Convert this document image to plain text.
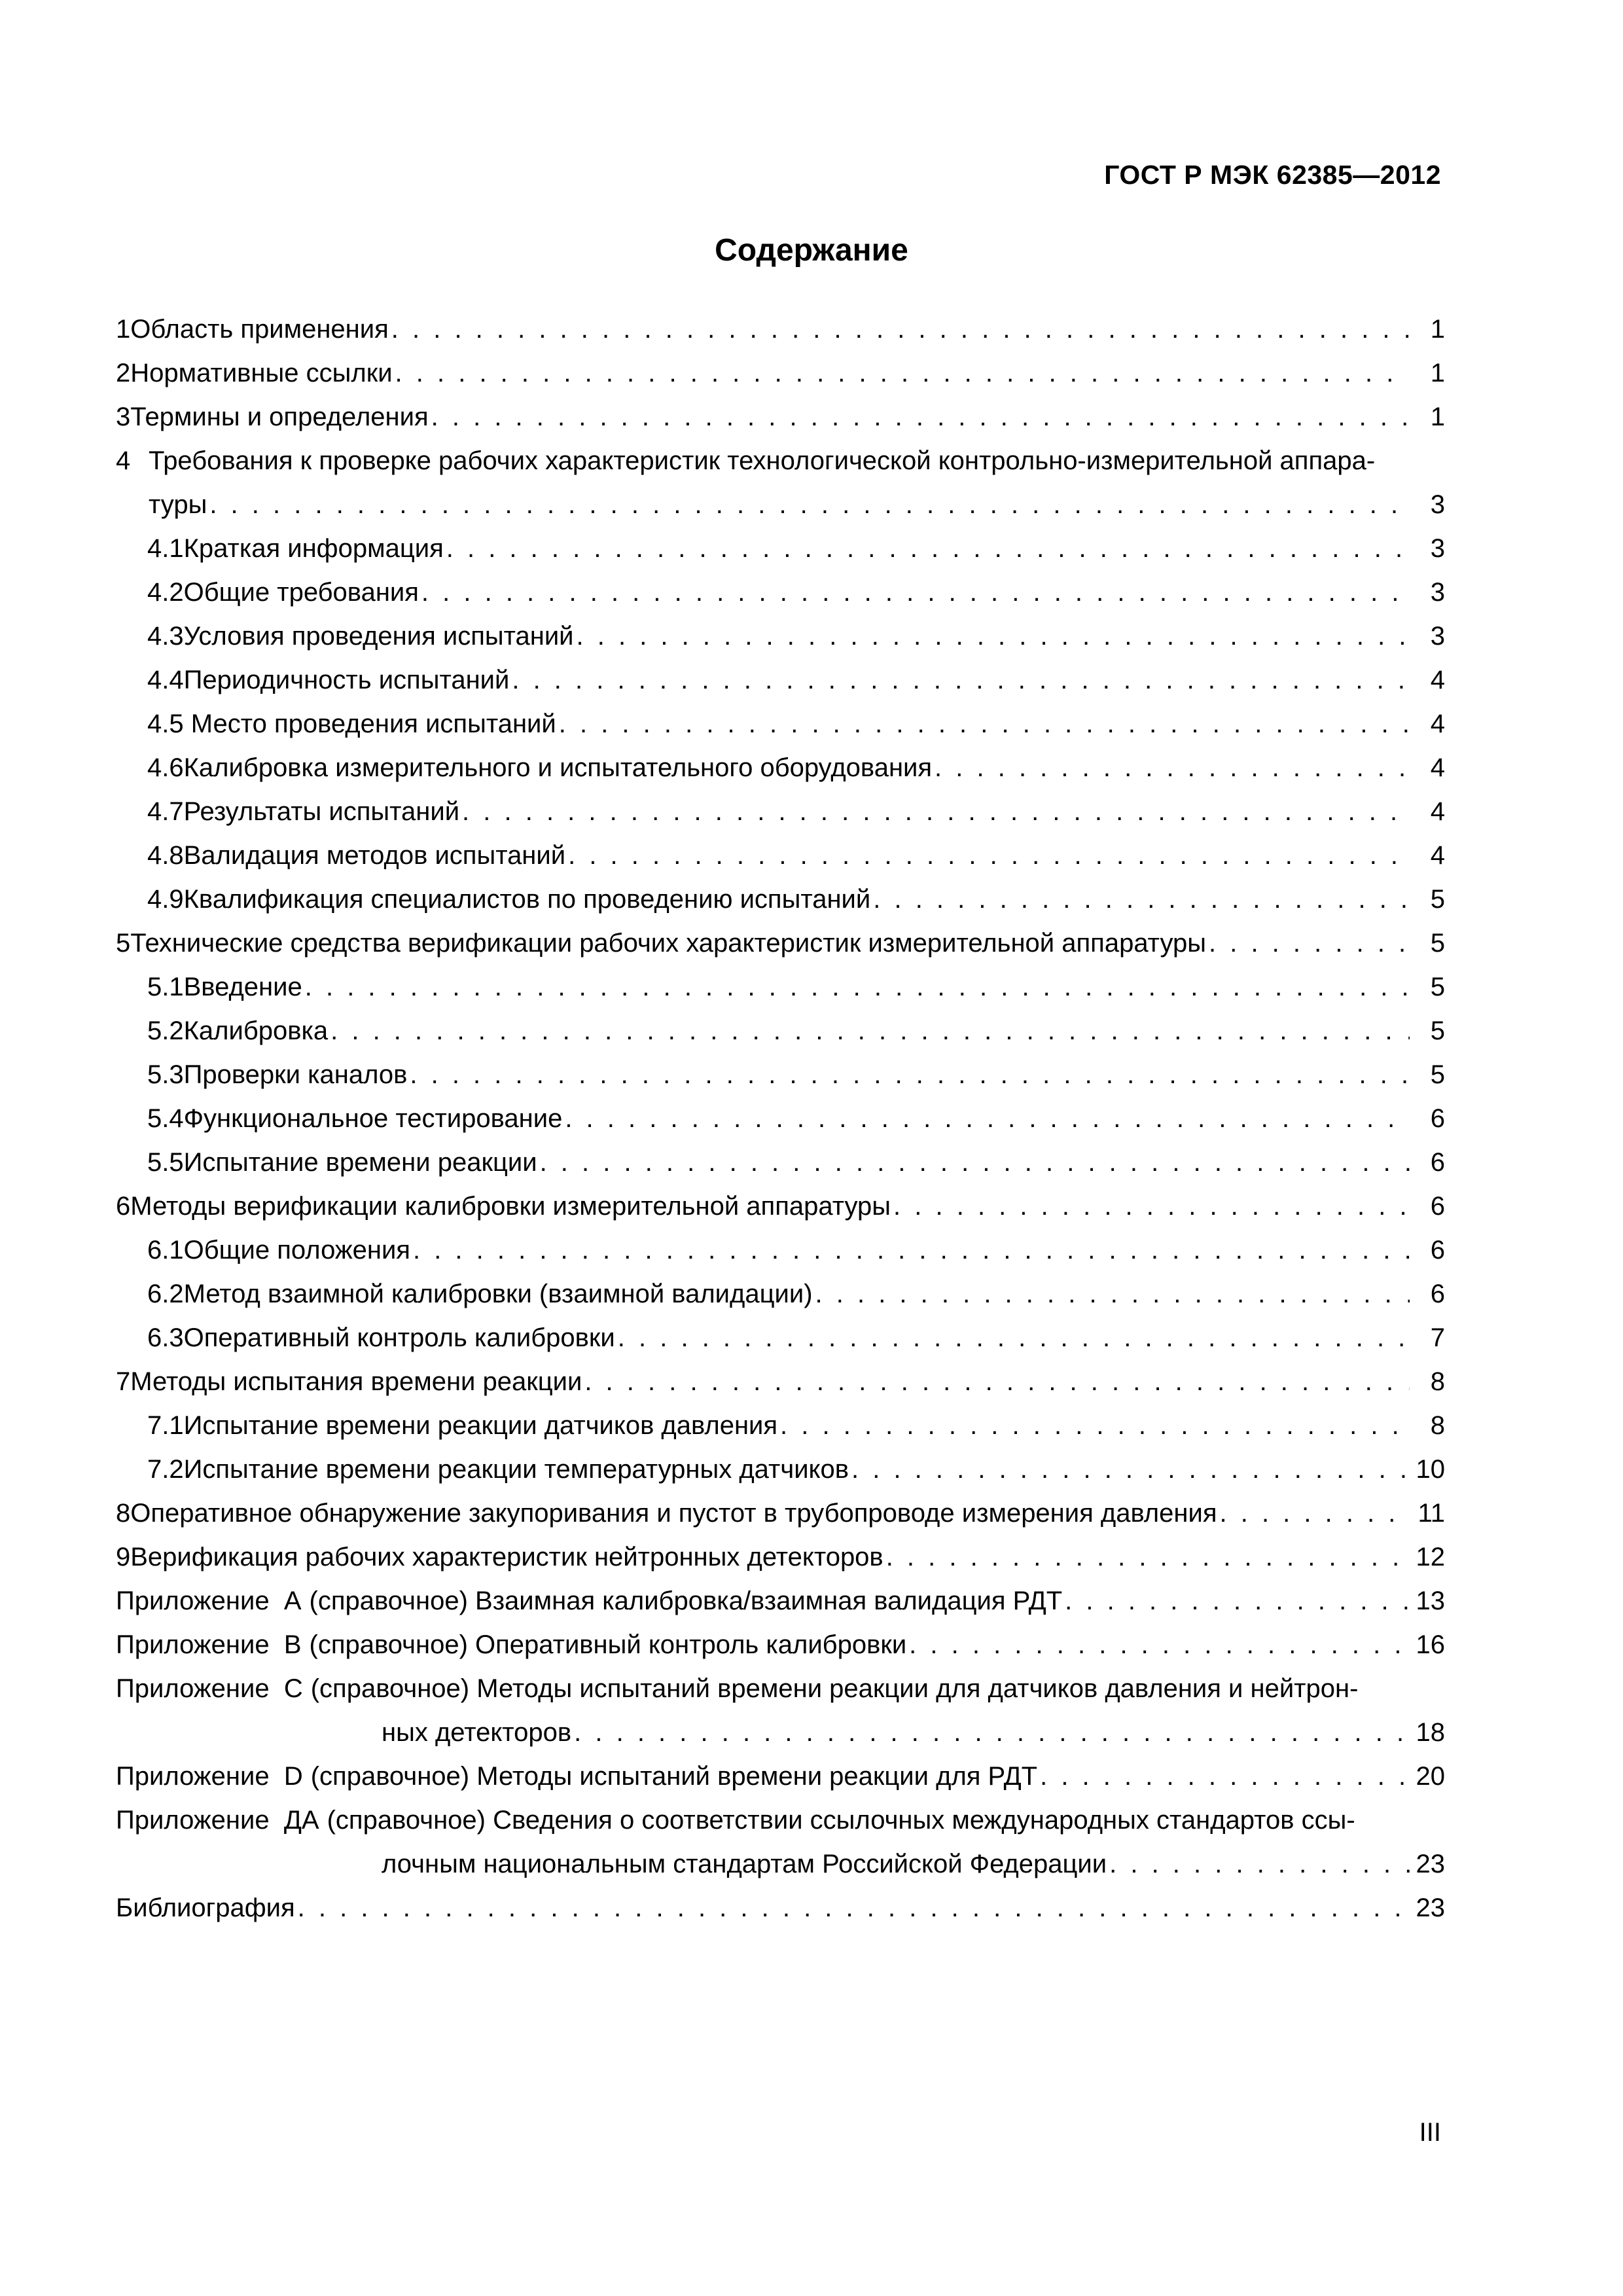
ГОСТ Р МЭК 62385—2012
Содержание
1 Область применения . . .	1
2 Нормативные ссылки . . .	1
3 Термины и определения . . .	1
4 Требования к проверке рабочих характеристик технологической контрольно-измерительной аппара-
туры . . .	3
4.1 Краткая информация . . .	3
4.2 Общие требования . . .	3
4.3 Условия проведения испытаний . . .	3
4.4 Периодичность испытаний . . .	4
4.5 Место проведения испытаний . . .	4
4.6 Калибровка измерительного и испытательного оборудования . . .	4
4.7 Результаты испытаний . . .	4
4.8 Валидация методов испытаний . . .	4
4.9 Квалификация специалистов по проведению испытаний . . .	5
5 Технические средства верификации рабочих характеристик измерительной аппаратуры . . .	5
5.1 Введение . . .	5
5.2 Калибровка . . .	5
5.3 Проверки каналов . . .	5
5.4 Функциональное тестирование . . .	6
5.5 Испытание времени реакции . . .	6
6 Методы верификации калибровки измерительной аппаратуры . . .	6
6.1 Общие положения . . .	6
6.2 Метод взаимной калибровки (взаимной валидации) . . .	6
6.3 Оперативный контроль калибровки . . .	7
7 Методы испытания времени реакции . . .	8
7.1 Испытание времени реакции датчиков давления . . .	8
7.2 Испытание времени реакции температурных датчиков . . .	10
8 Оперативное обнаружение закупоривания и пустот в трубопроводе измерения давления . . .	11
9 Верификация рабочих характеристик нейтронных детекторов . . .	12
Приложение  А (справочное) Взаимная калибровка/взаимная валидация РДТ . . .	13
Приложение  В (справочное) Оперативный контроль калибровки . . .	16
Приложение  С (справочное) Методы испытаний времени реакции для датчиков давления и нейтрон-
ных детекторов . . .	18
Приложение  D (справочное) Методы испытаний времени реакции для РДТ . . .	20
Приложение  ДА (справочное) Сведения о соответствии ссылочных международных стандартов ссы-
лочным национальным стандартам Российской Федерации . . .	23
Библиография . . .	23
III
